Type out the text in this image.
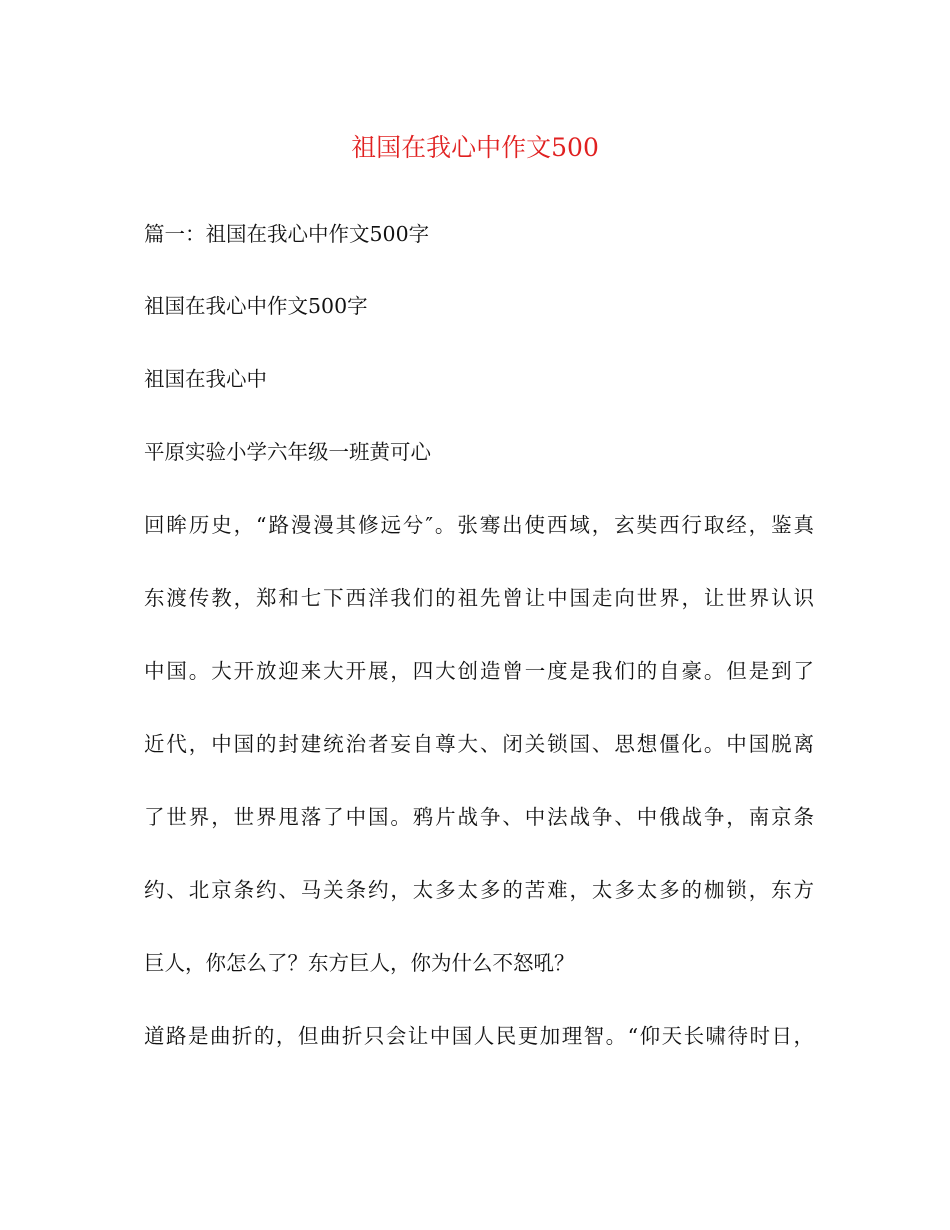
祖国在我心中作文500
篇一：祖国在我心中作文500字
祖国在我心中作文500字
祖国在我心中
平原实验小学六年级一班黄可心
回眸历史，“路漫漫其修远兮″。张骞出使西域，玄奘西行取经，鉴真
东渡传教，郑和七下西洋我们的祖先曾让中国走向世界，让世界认识
中国。大开放迎来大开展，四大创造曾一度是我们的自豪。但是到了
近代，中国的封建统治者妄自尊大、闭关锁国、思想僵化。中国脱离
了世界，世界甩落了中国。鸦片战争、中法战争、中俄战争，南京条
约、北京条约、马关条约，太多太多的苦难，太多太多的枷锁，东方
巨人，你怎么了？东方巨人，你为什么不怒吼？
道路是曲折的，但曲折只会让中国人民更加理智。“仰天长啸待时日，
